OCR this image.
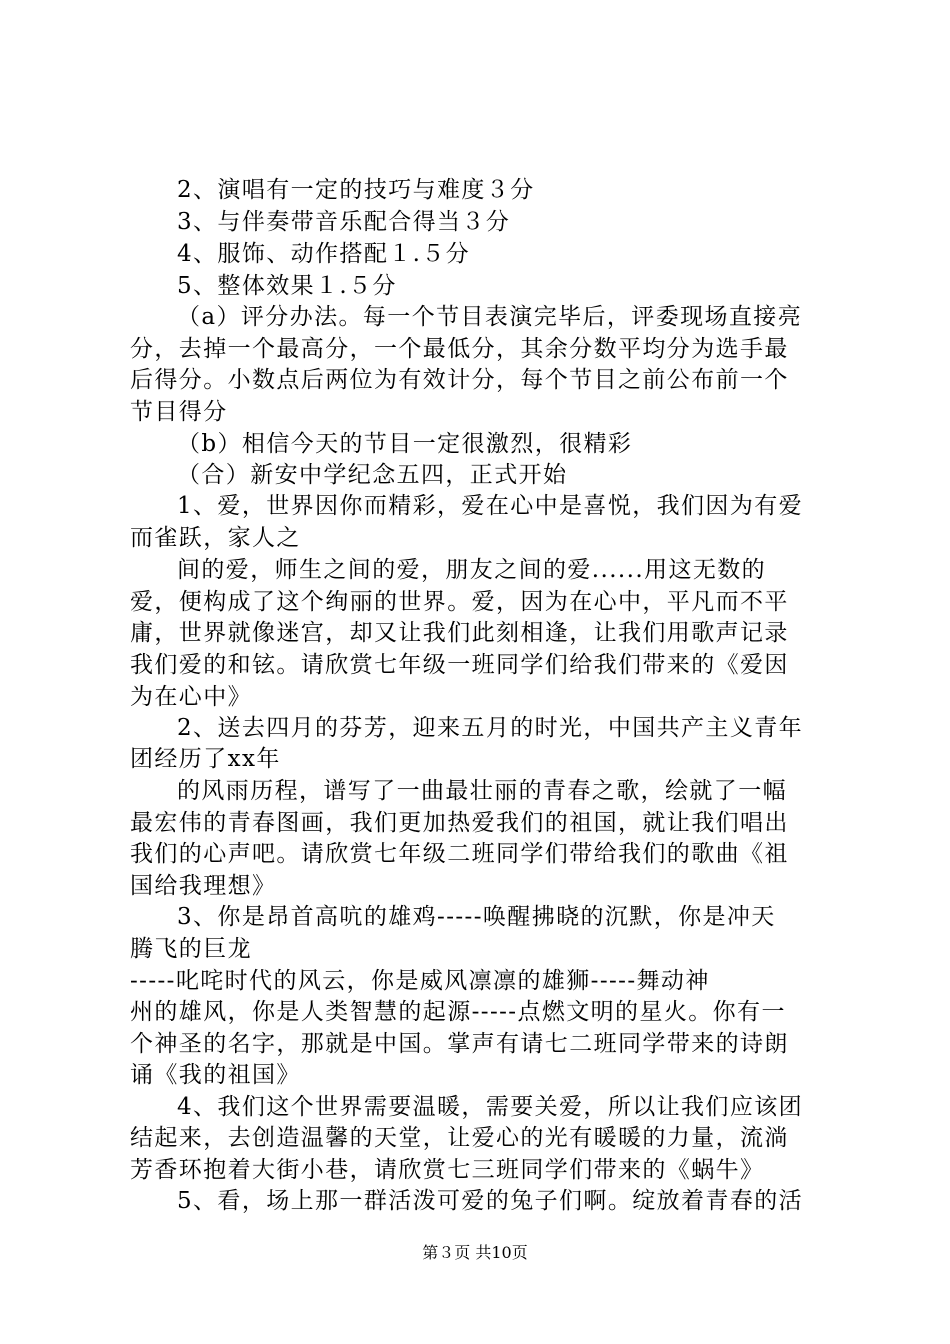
2、演唱有一定的技巧与难度３分
3、与伴奏带音乐配合得当３分
4、服饰、动作搭配１.５分
5、整体效果１.５分
（a）评分办法。每一个节目表演完毕后，评委现场直接亮
分，去掉一个最高分，一个最低分，其余分数平均分为选手最
后得分。小数点后两位为有效计分，每个节目之前公布前一个
节目得分
（b）相信今天的节目一定很激烈，很精彩
（合）新安中学纪念五四，正式开始
1、爱，世界因你而精彩，爱在心中是喜悦，我们因为有爱
而雀跃，家人之
间的爱，师生之间的爱，朋友之间的爱......用这无数的
爱，便构成了这个绚丽的世界。爱，因为在心中，平凡而不平
庸，世界就像迷宫，却又让我们此刻相逢，让我们用歌声记录
我们爱的和铉。请欣赏七年级一班同学们给我们带来的《爱因
为在心中》
2、送去四月的芬芳，迎来五月的时光，中国共产主义青年
团经历了xx年
的风雨历程，谱写了一曲最壮丽的青春之歌，绘就了一幅
最宏伟的青春图画，我们更加热爱我们的祖国，就让我们唱出
我们的心声吧。请欣赏七年级二班同学们带给我们的歌曲《祖
国给我理想》
3、你是昂首高吭的雄鸡-----唤醒拂晓的沉默，你是冲天
腾飞的巨龙
-----叱咤时代的风云，你是威风凛凛的雄狮-----舞动神
州的雄风，你是人类智慧的起源-----点燃文明的星火。你有一
个神圣的名字，那就是中国。掌声有请七二班同学带来的诗朗
诵《我的祖国》
4、我们这个世界需要温暖，需要关爱，所以让我们应该团
结起来，去创造温馨的天堂，让爱心的光有暖暖的力量，流淌
芳香环抱着大街小巷，请欣赏七三班同学们带来的《蜗牛》
5、看，场上那一群活泼可爱的兔子们啊。绽放着青春的活
第３页 共10页
